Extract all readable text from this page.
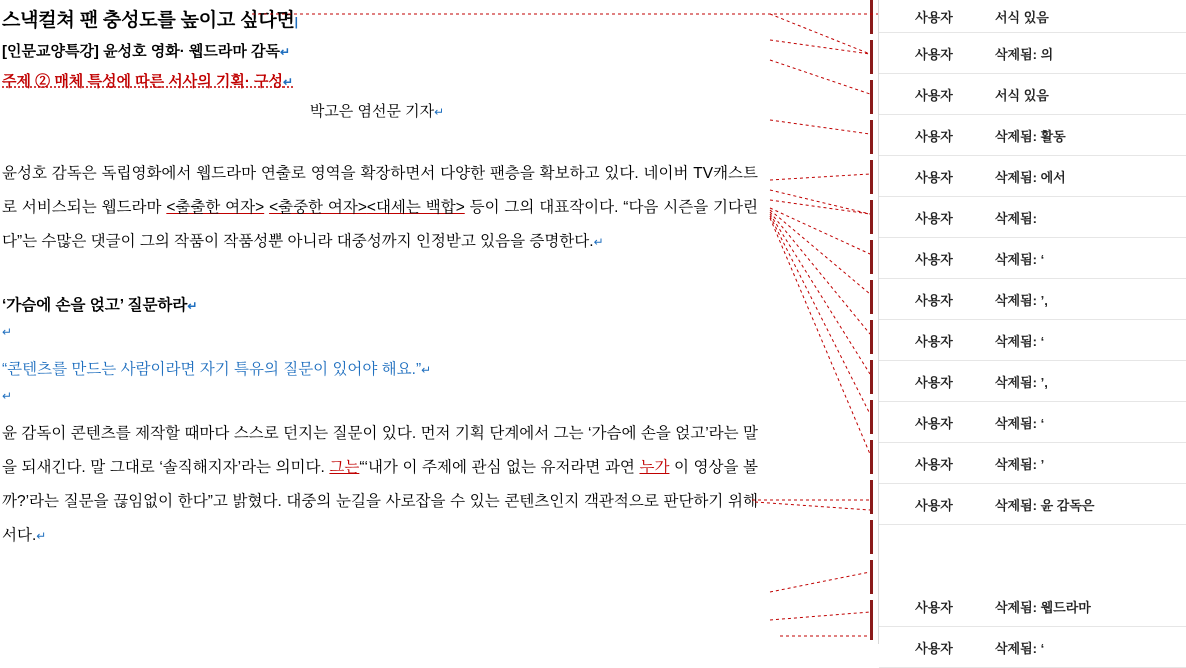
스낵컬쳐 팬 충성도를 높이고 싶다면|
[인문교양특강] 윤성호 영화· 웹드라마 감독↵
주제 ② 매체 특성에 따른 서사의 기획· 구성↵
박고은 염선문 기자↵
윤성호 감독은 독립영화에서 웹드라마 연출로 영역을 확장하면서 다양한 팬층을 확보하고 있다. 네이버 TV캐스트로 서비스되는 웹드라마 <출출한 여자> <출중한 여자><대세는 백합> 등이 그의 대표작이다. “다음 시즌을 기다린다”는 수많은 댓글이 그의 작품이 작품성뿐 아니라 대중성까지 인정받고 있음을 증명한다.↵
‘가슴에 손을 얹고’ 질문하라↵
↵
“콘텐츠를 만드는 사람이라면 자기 특유의 질문이 있어야 해요.”↵
↵
윤 감독이 콘텐츠를 제작할 때마다 스스로 던지는 질문이 있다. 먼저 기획 단계에서 그는 ‘가슴에 손을 얹고’라는 말을 되새긴다. 말 그대로 ‘솔직해지자’라는 의미다. 그는“‘내가 이 주제에 관심 없는 유저라면 과연 누가 이 영상을 볼까?’라는 질문을 끊임없이 한다”고 밝혔다. 대중의 눈길을 사로잡을 수 있는 콘텐츠인지 객관적으로 판단하기 위해서다.↵
사용자	서식 있음
사용자	삭제됨: 의
사용자	서식 있음
사용자	삭제됨: 활동
사용자	삭제됨: 에서
사용자	삭제됨:
사용자	삭제됨: ‘
사용자	삭제됨: ’,
사용자	삭제됨: ‘
사용자	삭제됨: ’,
사용자	삭제됨: ‘
사용자	삭제됨: ’
사용자	삭제됨: 윤 감독은
사용자	삭제됨: 웹드라마
사용자	삭제됨: ‘
